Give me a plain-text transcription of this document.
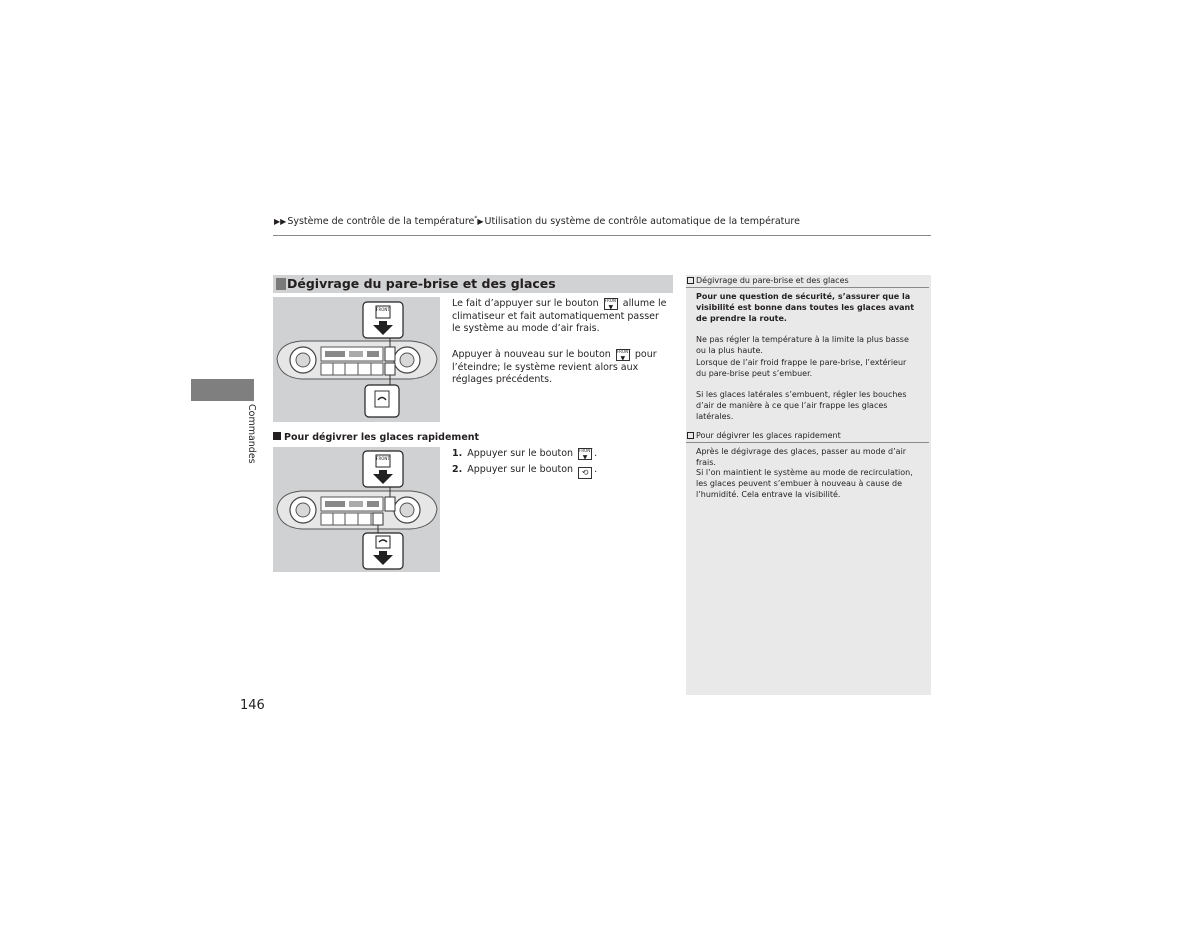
▶▶Système de contrôle de la température*▶Utilisation du système de contrôle automatique de la température
Commandes
Dégivrage du pare-brise et des glaces
FRONT
Le fait d’appuyer sur le bouton FRONT
▼ allume le climatiseur et fait automatiquement passer le système au mode d’air frais.
Appuyer à nouveau sur le bouton FRONT
▼ pour l’éteindre; le système revient alors aux réglages précédents.
Pour dégivrer les glaces rapidement
FRONT	1. Appuyer sur le bouton FRONT
▼ .
2. Appuyer sur le bouton ⟲ .
146
Dégivrage du pare-brise et des glaces
Pour une question de sécurité, s’assurer que la visibilité est bonne dans toutes les glaces avant de prendre la route.
Ne pas régler la température à la limite la plus basse ou la plus haute.
Lorsque de l’air froid frappe le pare-brise, l’extérieur du pare-brise peut s’embuer.
Si les glaces latérales s’embuent, régler les bouches d’air de manière à ce que l’air frappe les glaces latérales.
Pour dégivrer les glaces rapidement
Après le dégivrage des glaces, passer au mode d’air frais.
Si l’on maintient le système au mode de recirculation, les glaces peuvent s’embuer à nouveau à cause de l’humidité. Cela entrave la visibilité.
